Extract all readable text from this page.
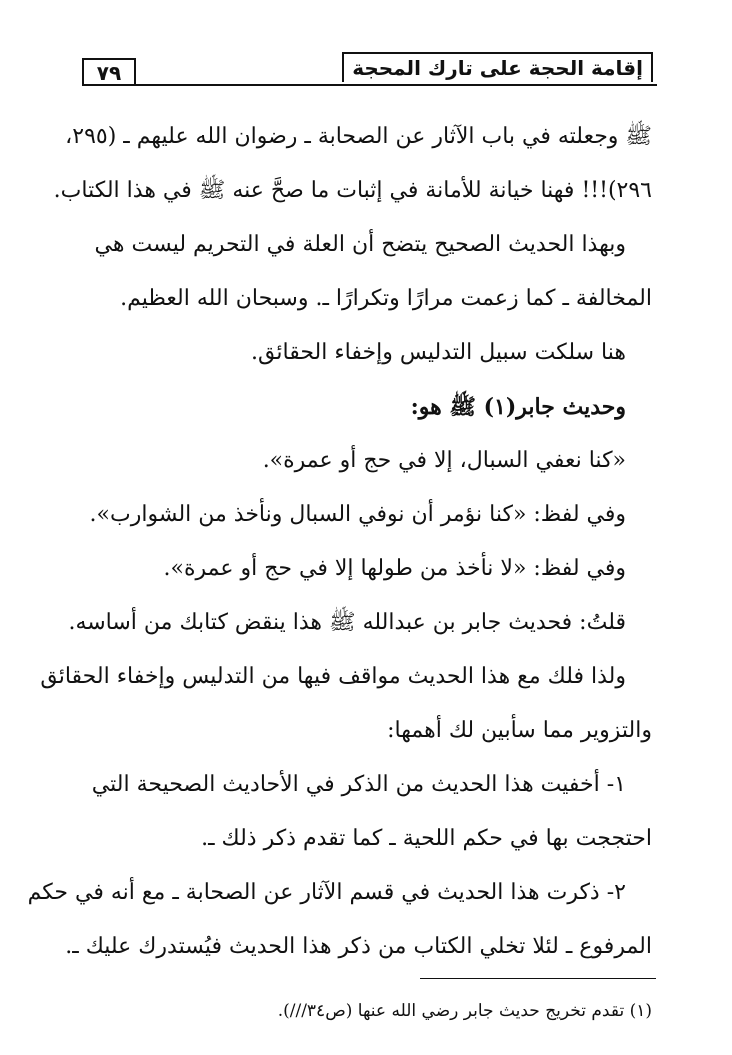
٧٩	إقامة الحجة على تارك المحجة
ﷺ وجعلته في باب الآثار عن الصحابة ـ رضوان الله عليهم ـ (٢٩٥،
٢٩٦)!!! فهنا خيانة للأمانة في إثبات ما صحَّ عنه ﷺ في هذا الكتاب.
وبهذا الحديث الصحيح يتضح أن العلة في التحريم ليست هي
المخالفة ـ كما زعمت مرارًا وتكرارًا ـ. وسبحان الله العظيم.
هنا سلكت سبيل التدليس وإخفاء الحقائق.
وحديث جابر(١) ﷺ هو:
«كنا نعفي السبال، إلا في حج أو عمرة».
وفي لفظ: «كنا نؤمر أن نوفي السبال ونأخذ من الشوارب».
وفي لفظ: «لا نأخذ من طولها إلا في حج أو عمرة».
قلتُ: فحديث جابر بن عبدالله ﷺ هذا ينقض كتابك من أساسه.
ولذا فلك مع هذا الحديث مواقف فيها من التدليس وإخفاء الحقائق
والتزوير مما سأبين لك أهمها:
١- أخفيت هذا الحديث من الذكر في الأحاديث الصحيحة التي
احتججت بها في حكم اللحية ـ كما تقدم ذكر ذلك ـ.
٢- ذكرت هذا الحديث في قسم الآثار عن الصحابة ـ مع أنه في حكم
المرفوع ـ لئلا تخلي الكتاب من ذكر هذا الحديث فيُستدرك عليك ـ.
(١) تقدم تخريج حديث جابر رضي الله عنها (ص٣٤///).
